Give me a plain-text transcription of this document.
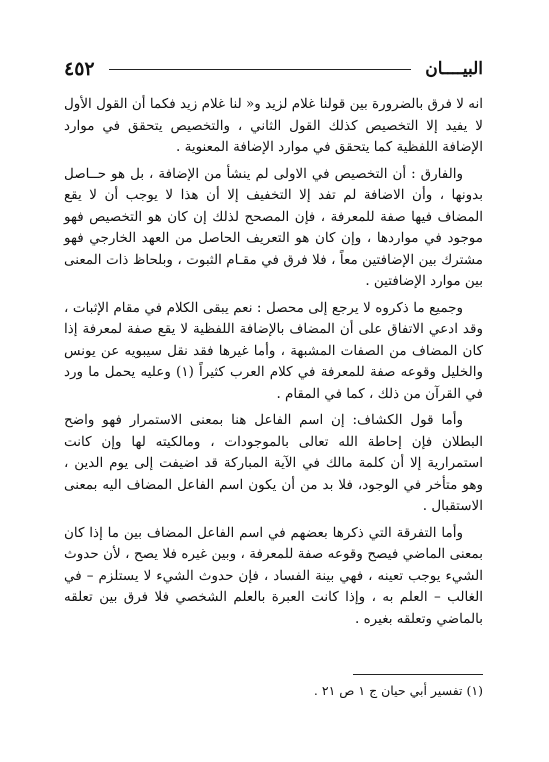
البيــــان
٤٥٢

انه لا فرق بالضرورة بين قولنا غلام لزيد و‌« لنا غلام زيد فكما أن القول الأول لا يفيد إلا التخصيص كذلك القول الثاني ، والتخصيص يتحقق في موارد الإضافة اللفظية كما يتحقق في موارد الإضافة المعنوية .

والفارق : أن التخصيص في الاولى لم ينشأ من الإضافة ، بل هو حــاصل بدونها ، وأن الاضافة لم تفد إلا التخفيف إلا أن هذا لا يوجب أن لا يقع المضاف فيها صفة للمعرفة ، فإن المصحح لذلك إن كان هو التخصيص فهو موجود في مواردها ، وإن كان هو التعريف الحاصل من العهد الخارجي فهو مشترك بين الإضافتين معاً ، فلا فرق في مقـام الثبوت ، وبلحاظ ذات المعنى بين موارد الإضافتين .

وجميع ما ذكروه لا يرجع إلى محصل : نعم يبقى الكلام في مقام الإثبات ، وقد ادعي الاتفاق على أن المضاف بالإضافة اللفظية لا يقع صفة لمعرفة إذا كان المضاف من الصفات المشبهة ، وأما غيرها فقد نقل سيبويه عن يونس والخليل وقوعه صفة للمعرفة في كلام العرب كثيراً (١) وعليه يحمل ما ورد في القرآن من ذلك ، كما في المقام .

وأما قول الكشاف: إن اسم الفاعل هنا بمعنى الاستمرار فهو واضح البطلان فإن إحاطة الله تعالى بالموجودات ، ومالكيته لها وإن كانت استمرارية إلا أن كلمة مالك في الآية المباركة قد اضيفت إلى يوم الدين ، وهو متأخر في الوجود، فلا بد من أن يكون اسم الفاعل المضاف اليه بمعنى الاستقبال .

وأما التفرقة التي ذكرها بعضهم في اسم الفاعل المضاف بين ما إذا كان بمعنى الماضي فيصح وقوعه صفة للمعرفة ، وبين غيره فلا يصح ، لأن حدوث الشيء يوجب تعينه ، فهي بينة الفساد ، فإن حدوث الشيء لا يستلزم – في الغالب – العلم به ، وإذا كانت العبرة بالعلم الشخصي فلا فرق بين تعلقه بالماضي وتعلقه بغيره .

(١) تفسير أبي حيان ج ١ ص ٢١ .
